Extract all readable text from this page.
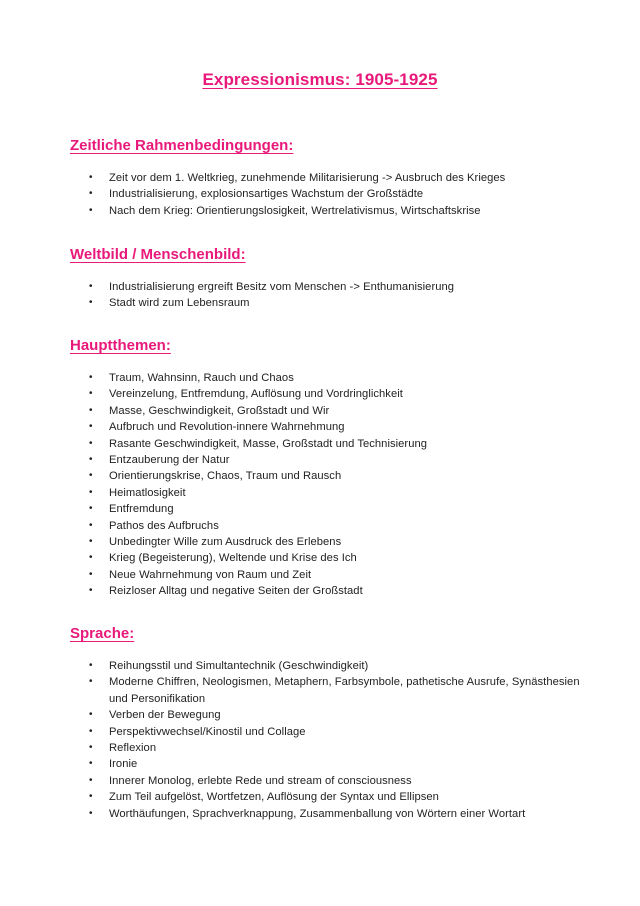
Expressionismus: 1905-1925
Zeitliche Rahmenbedingungen:
• Zeit vor dem 1. Weltkrieg, zunehmende Militarisierung -> Ausbruch des Krieges
• Industrialisierung, explosionsartiges Wachstum der Großstädte
• Nach dem Krieg: Orientierungslosigkeit, Wertrelativismus, Wirtschaftskrise
Weltbild / Menschenbild:
• Industrialisierung ergreift Besitz vom Menschen -> Enthumanisierung
• Stadt wird zum Lebensraum
Hauptthemen:
• Traum, Wahnsinn, Rauch und Chaos
• Vereinzelung, Entfremdung, Auflösung und Vordringlichkeit
• Masse, Geschwindigkeit, Großstadt und Wir
• Aufbruch und Revolution-innere Wahrnehmung
• Rasante Geschwindigkeit, Masse, Großstadt und Technisierung
• Entzauberung der Natur
• Orientierungskrise, Chaos, Traum und Rausch
• Heimatlosigkeit
• Entfremdung
• Pathos des Aufbruchs
• Unbedingter Wille zum Ausdruck des Erlebens
• Krieg (Begeisterung), Weltende und Krise des Ich
• Neue Wahrnehmung von Raum und Zeit
• Reizloser Alltag und negative Seiten der Großstadt
Sprache:
• Reihungsstil und Simultantechnik (Geschwindigkeit)
• Moderne Chiffren, Neologismen, Metaphern, Farbsymbole, pathetische Ausrufe, Synästhesien und Personifikation
• Verben der Bewegung
• Perspektivwechsel/Kinostil und Collage
• Reflexion
• Ironie
• Innerer Monolog, erlebte Rede und stream of consciousness
• Zum Teil aufgelöst, Wortfetzen, Auflösung der Syntax und Ellipsen
• Worthäufungen, Sprachverknappung, Zusammenballung von Wörtern einer Wortart
